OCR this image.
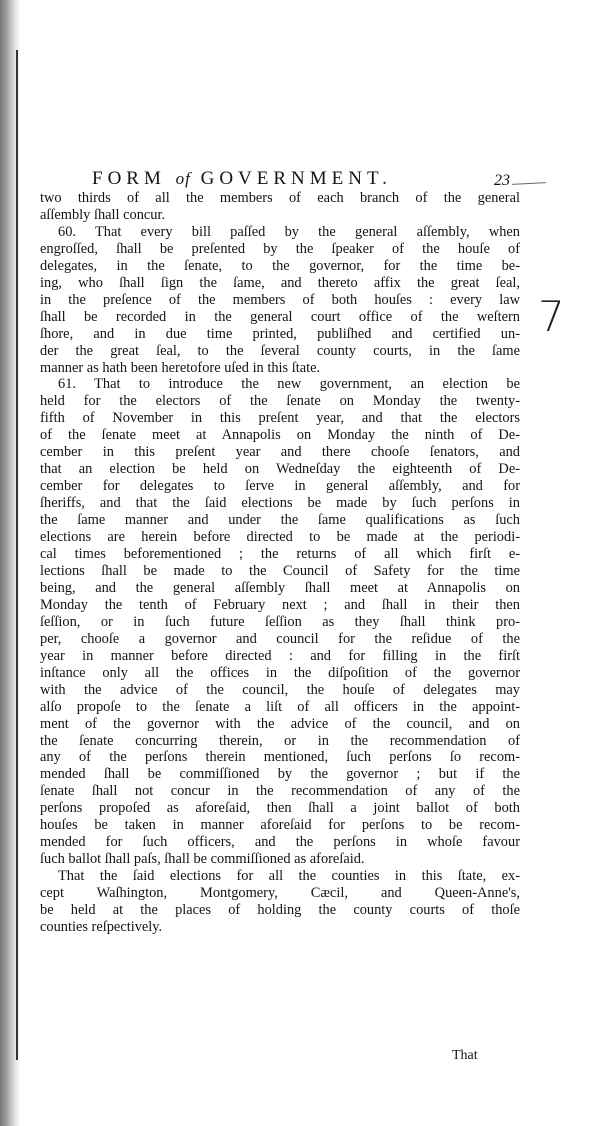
FORM of GOVERNMENT.	23
7
two thirds of all the members of each branch of the general
aſſembly ſhall concur.
60. That every bill paſſed by the general aſſembly, when
engroſſed, ſhall be preſented by the ſpeaker of the houſe of
delegates, in the ſenate, to the governor, for the time be-
ing, who ſhall ſign the ſame, and thereto affix the great ſeal,
in the preſence of the members of both houſes : every law
ſhall be recorded in the general court office of the weſtern
ſhore, and in due time printed, publiſhed and certified un-
der the great ſeal, to the ſeveral county courts, in the ſame
manner as hath been heretofore uſed in this ſtate.
61. That to introduce the new government, an election be
held for the electors of the ſenate on Monday the twenty-
fifth of November in this preſent year, and that the electors
of the ſenate meet at Annapolis on Monday the ninth of De-
cember in this preſent year and there chooſe ſenators, and
that an election be held on Wedneſday the eighteenth of De-
cember for delegates to ſerve in general aſſembly, and for
ſheriffs, and that the ſaid elections be made by ſuch perſons in
the ſame manner and under the ſame qualifications as ſuch
elections are herein before directed to be made at the periodi-
cal times beforementioned ; the returns of all which firſt e-
lections ſhall be made to the Council of Safety for the time
being, and the general aſſembly ſhall meet at Annapolis on
Monday the tenth of February next ; and ſhall in their then
ſeſſion, or in ſuch future ſeſſion as they ſhall think pro-
per, chooſe a governor and council for the reſidue of the
year in manner before directed : and for filling in the firſt
inſtance only all the offices in the diſpoſition of the governor
with the advice of the council, the houſe of delegates may
alſo propoſe to the ſenate a liſt of all officers in the appoint-
ment of the governor with the advice of the council, and on
the ſenate concurring therein, or in the recommendation of
any of the perſons therein mentioned, ſuch perſons ſo recom-
mended ſhall be commiſſioned by the governor ; but if the
ſenate ſhall not concur in the recommendation of any of the
perſons propoſed as aforeſaid, then ſhall a joint ballot of both
houſes be taken in manner aforeſaid for perſons to be recom-
mended for ſuch officers, and the perſons in whoſe favour
ſuch ballot ſhall paſs, ſhall be commiſſioned as aforeſaid.
That the ſaid elections for all the counties in this ſtate, ex-
cept Waſhington, Montgomery, Cæcil, and Queen-Anne's,
be held at the places of holding the county courts of thoſe
counties reſpectively.
That
